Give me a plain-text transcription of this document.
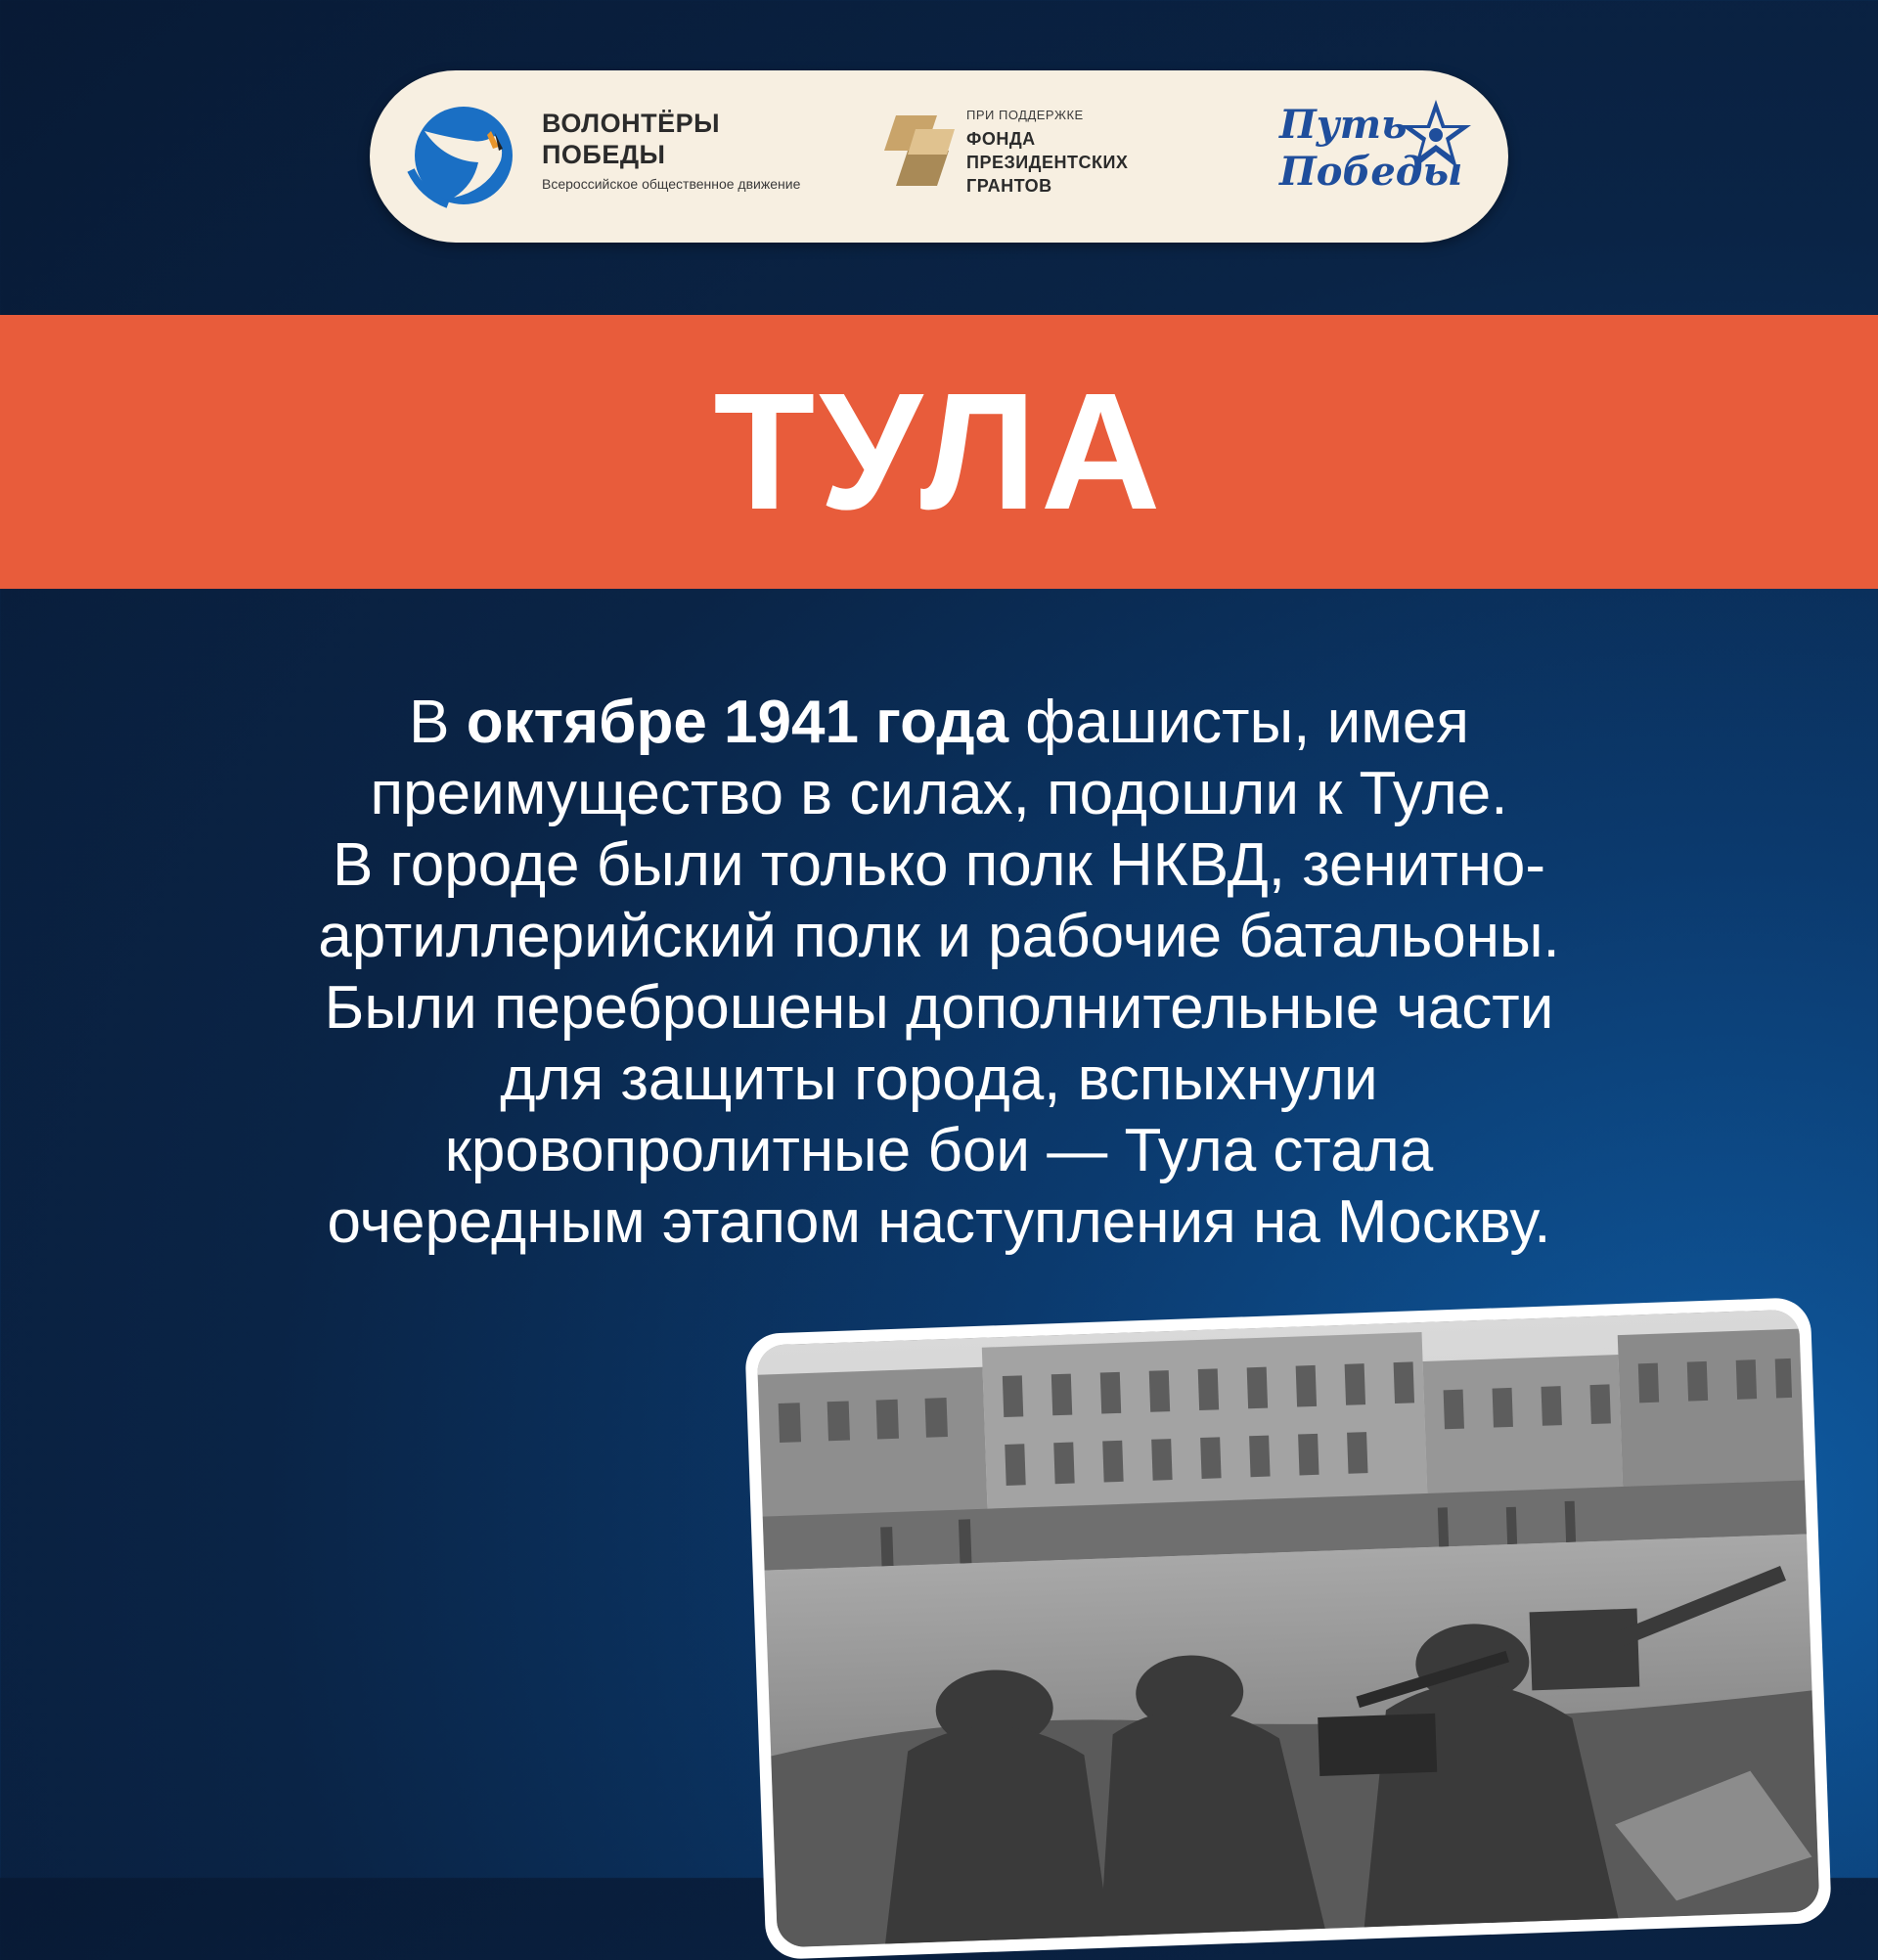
ВОЛОНТЁРЫ ПОБЕДЫ
Всероссийское общественное движение
ПРИ ПОДДЕРЖКЕ
ФОНДА ПРЕЗИДЕНТСКИХ ГРАНТОВ
Путь
Победы
ТУЛА
В октябре 1941 года фашисты, имея
преимущество в силах, подошли к Туле.
В городе были только полк НКВД, зенитно-
артиллерийский полк и рабочие батальоны.
Были переброшены дополнительные части
для защиты города, вспыхнули
кровопролитные бои — Тула стала
очередным этапом наступления на Москву.
